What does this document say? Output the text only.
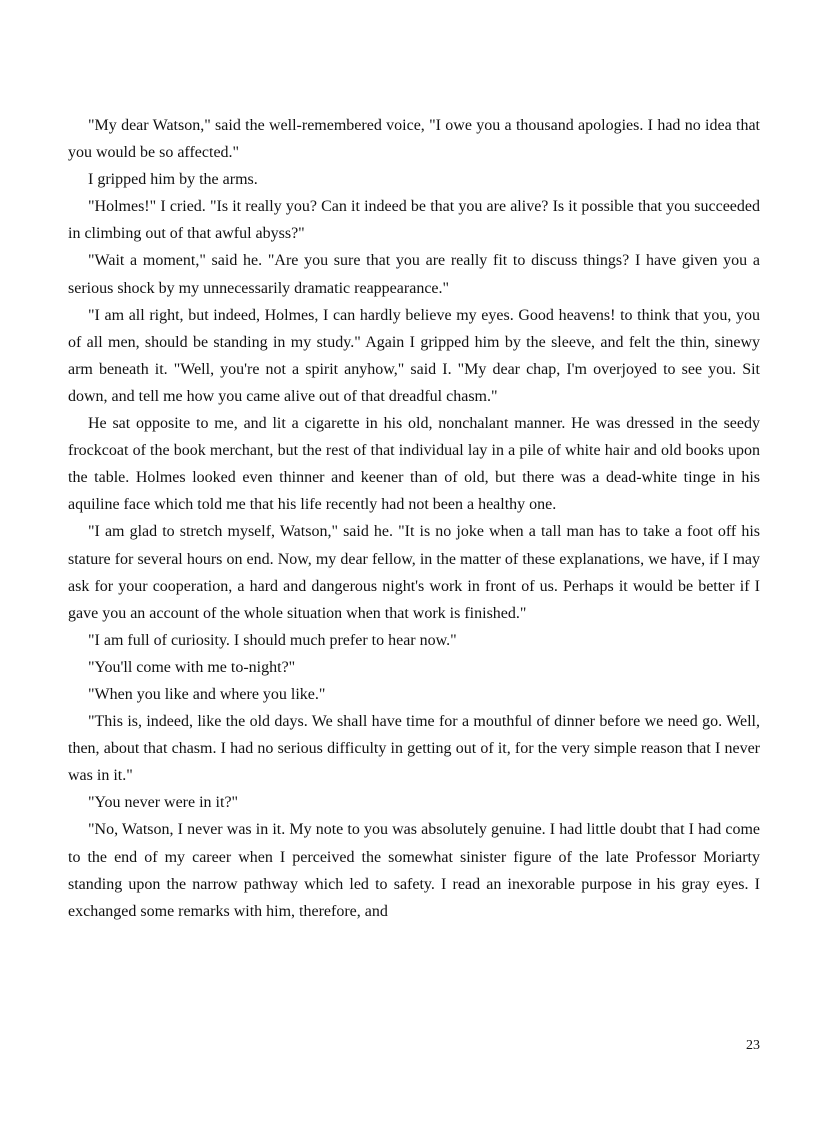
"My dear Watson," said the well-remembered voice, "I owe you a thousand apologies. I had no idea that you would be so affected."

I gripped him by the arms.

"Holmes!" I cried. "Is it really you? Can it indeed be that you are alive? Is it possible that you succeeded in climbing out of that awful abyss?"

"Wait a moment," said he. "Are you sure that you are really fit to discuss things? I have given you a serious shock by my unnecessarily dramatic reappearance."

"I am all right, but indeed, Holmes, I can hardly believe my eyes. Good heavens! to think that you, you of all men, should be standing in my study." Again I gripped him by the sleeve, and felt the thin, sinewy arm beneath it. "Well, you're not a spirit anyhow," said I. "My dear chap, I'm overjoyed to see you. Sit down, and tell me how you came alive out of that dreadful chasm."

He sat opposite to me, and lit a cigarette in his old, nonchalant manner. He was dressed in the seedy frockcoat of the book merchant, but the rest of that individual lay in a pile of white hair and old books upon the table. Holmes looked even thinner and keener than of old, but there was a dead-white tinge in his aquiline face which told me that his life recently had not been a healthy one.

"I am glad to stretch myself, Watson," said he. "It is no joke when a tall man has to take a foot off his stature for several hours on end. Now, my dear fellow, in the matter of these explanations, we have, if I may ask for your cooperation, a hard and dangerous night's work in front of us. Perhaps it would be better if I gave you an account of the whole situation when that work is finished."

"I am full of curiosity. I should much prefer to hear now."

"You'll come with me to-night?"

"When you like and where you like."

"This is, indeed, like the old days. We shall have time for a mouthful of dinner before we need go. Well, then, about that chasm. I had no serious difficulty in getting out of it, for the very simple reason that I never was in it."

"You never were in it?"

"No, Watson, I never was in it. My note to you was absolutely genuine. I had little doubt that I had come to the end of my career when I perceived the somewhat sinister figure of the late Professor Moriarty standing upon the narrow pathway which led to safety. I read an inexorable purpose in his gray eyes. I exchanged some remarks with him, therefore, and

23
